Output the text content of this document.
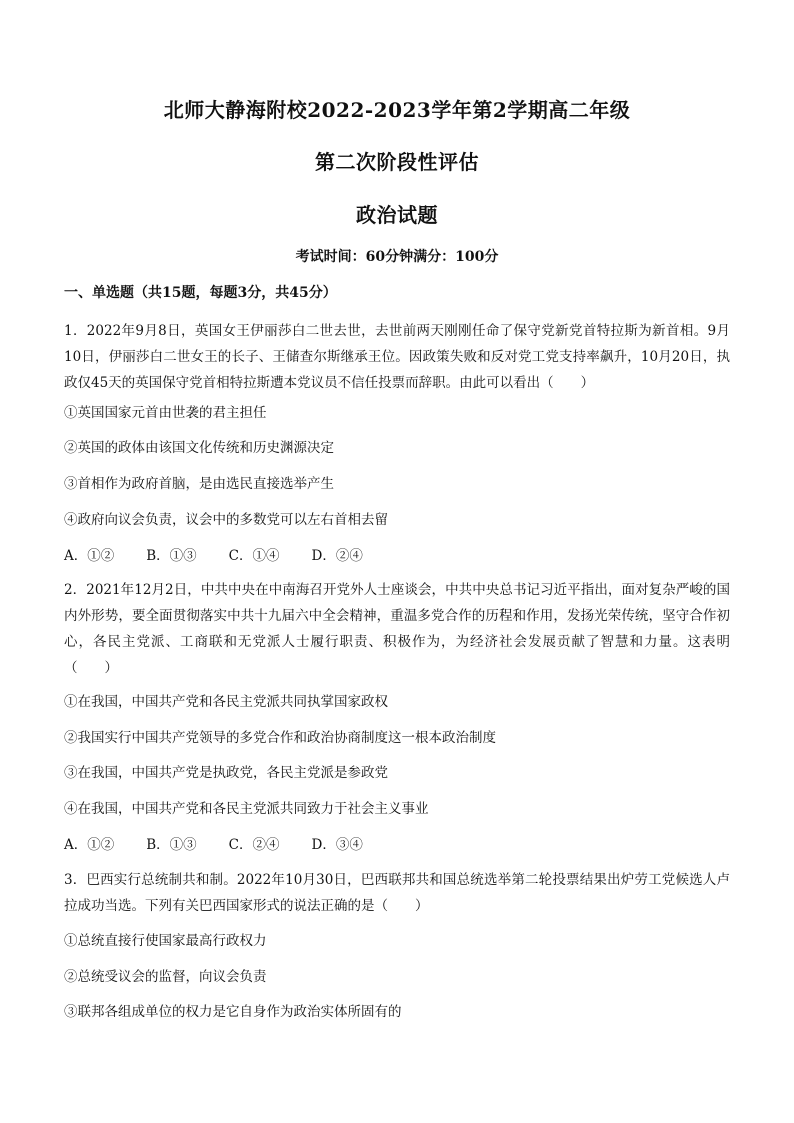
北师大静海附校2022-2023学年第2学期高二年级
第二次阶段性评估
政治试题
考试时间：60分钟满分：100分
一、单选题（共15题，每题3分，共45分）
1．2022年9月8日，英国女王伊丽莎白二世去世，去世前两天刚刚任命了保守党新党首特拉斯为新首相。9月10日，伊丽莎白二世女王的长子、王储查尔斯继承王位。因政策失败和反对党工党支持率飙升，10月20日，执政仅45天的英国保守党首相特拉斯遭本党议员不信任投票而辞职。由此可以看出（　　）
①英国国家元首由世袭的君主担任
②英国的政体由该国文化传统和历史渊源决定
③首相作为政府首脑，是由选民直接选举产生
④政府向议会负责，议会中的多数党可以左右首相去留
A．①② B．①③ C．①④ D．②④
2．2021年12月2日，中共中央在中南海召开党外人士座谈会，中共中央总书记习近平指出，面对复杂严峻的国内外形势，要全面贯彻落实中共十九届六中全会精神，重温多党合作的历程和作用，发扬光荣传统，坚守合作初心，各民主党派、工商联和无党派人士履行职责、积极作为，为经济社会发展贡献了智慧和力量。这表明（　　）
①在我国，中国共产党和各民主党派共同执掌国家政权
②我国实行中国共产党领导的多党合作和政治协商制度这一根本政治制度
③在我国，中国共产党是执政党，各民主党派是参政党
④在我国，中国共产党和各民主党派共同致力于社会主义事业
A．①② B．①③ C．②④ D．③④
3．巴西实行总统制共和制。2022年10月30日，巴西联邦共和国总统选举第二轮投票结果出炉劳工党候选人卢拉成功当选。下列有关巴西国家形式的说法正确的是（　　）
①总统直接行使国家最高行政权力
②总统受议会的监督，向议会负责
③联邦各组成单位的权力是它自身作为政治实体所固有的
